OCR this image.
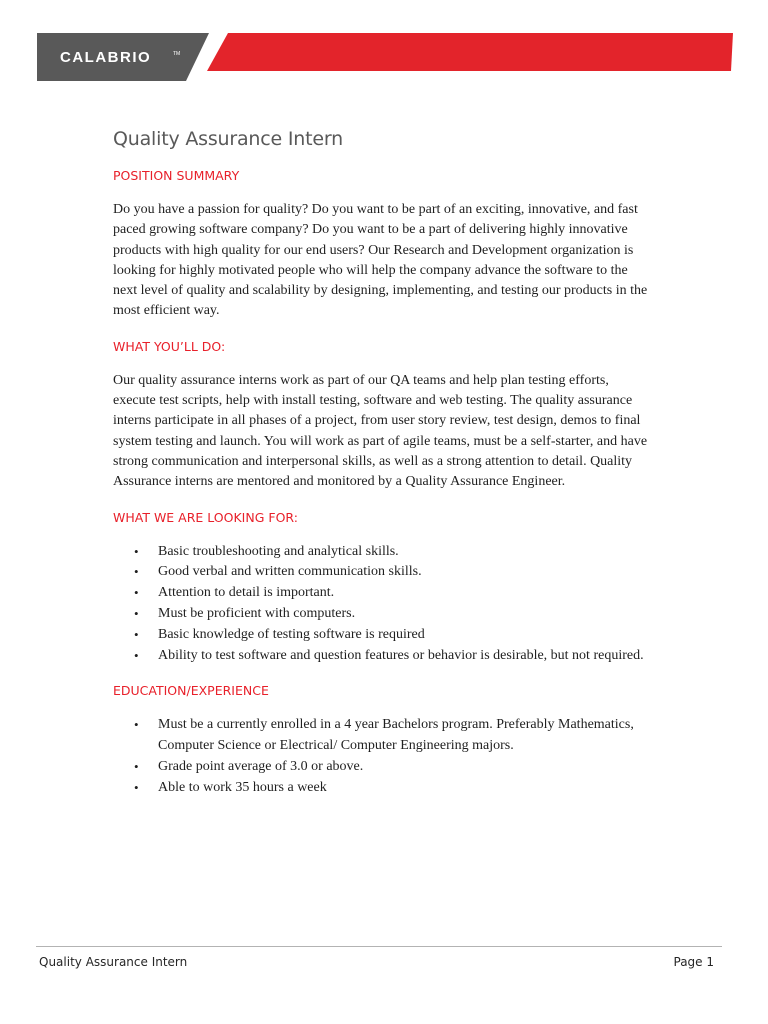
CALABRIO	TM
Quality Assurance Intern
POSITION SUMMARY

Do you have a passion for quality? Do you want to be part of an exciting, innovative, and fast paced growing software company? Do you want to be a part of delivering highly innovative products with high quality for our end users? Our Research and Development organization is looking for highly motivated people who will help the company advance the software to the next level of quality and scalability by designing, implementing, and testing our products in the most efficient way.

WHAT YOU’LL DO:

Our quality assurance interns work as part of our QA teams and help plan testing efforts, execute test scripts, help with install testing, software and web testing. The quality assurance interns participate in all phases of a project, from user story review, test design, demos to final system testing and launch. You will work as part of agile teams, must be a self-starter, and have strong communication and interpersonal skills, as well as a strong attention to detail. Quality Assurance interns are mentored and monitored by a Quality Assurance Engineer.

WHAT WE ARE LOOKING FOR:
• Basic troubleshooting and analytical skills.
• Good verbal and written communication skills.
• Attention to detail is important.
• Must be proficient with computers.
• Basic knowledge of testing software is required
• Ability to test software and question features or behavior is desirable, but not required.
EDUCATION/EXPERIENCE
• Must be a currently enrolled in a 4 year Bachelors program. Preferably Mathematics, Computer Science or Electrical/ Computer Engineering majors.
• Grade point average of 3.0 or above.
• Able to work 35 hours a week
Quality Assurance Intern	Page 1
